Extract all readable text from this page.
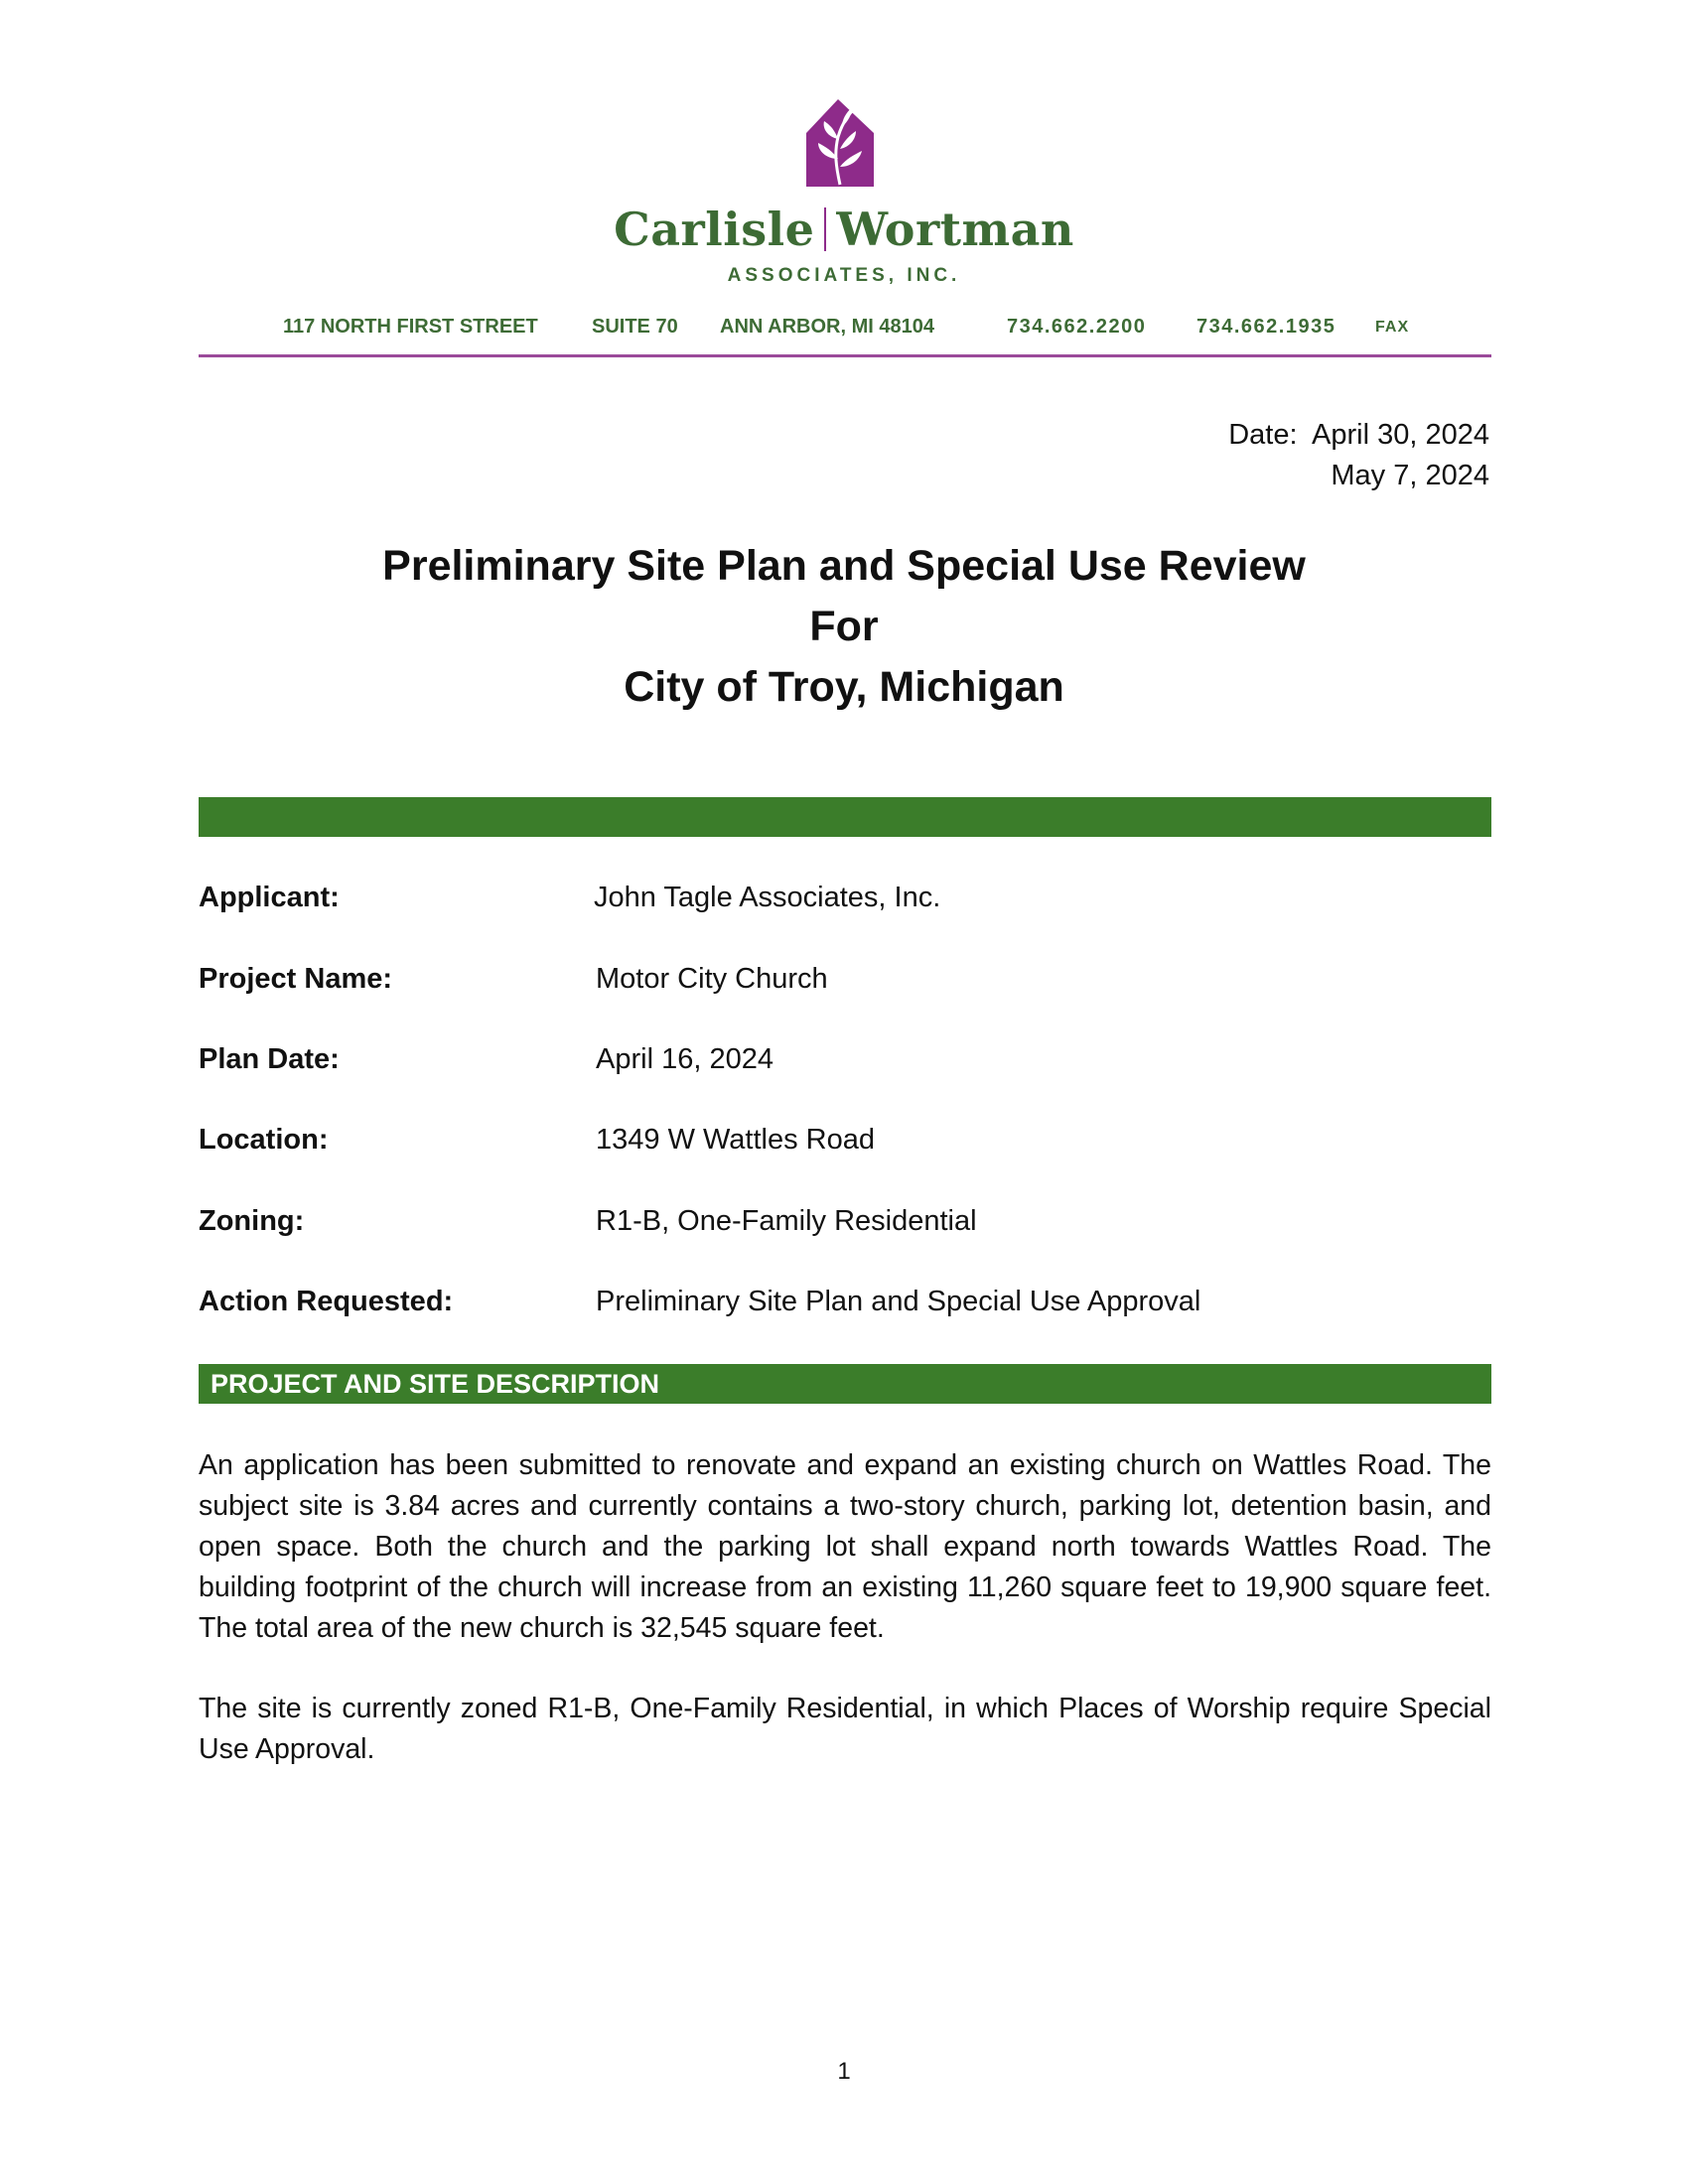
Carlisle Wortman
ASSOCIATES, INC.
117 NORTH FIRST STREET	SUITE 70 ANN ARBOR, MI 48104	734.662.2200	734.662.1935 FAX
Date: April 30, 2024
May 7, 2024
Preliminary Site Plan and Special Use Review
For
City of Troy, Michigan
Applicant:	John Tagle Associates, Inc.
Project Name:	Motor City Church
Plan Date:	April 16, 2024
Location:	1349 W Wattles Road
Zoning:	R1-B, One-Family Residential
Action Requested:	Preliminary Site Plan and Special Use Approval
PROJECT AND SITE DESCRIPTION
An application has been submitted to renovate and expand an existing church on Wattles Road. The subject site is 3.84 acres and currently contains a two-story church, parking lot, detention basin, and open space. Both the church and the parking lot shall expand north towards Wattles Road. The building footprint of the church will increase from an existing 11,260 square feet to 19,900 square feet. The total area of the new church is 32,545 square feet.
The site is currently zoned R1-B, One-Family Residential, in which Places of Worship require Special Use Approval.
1
